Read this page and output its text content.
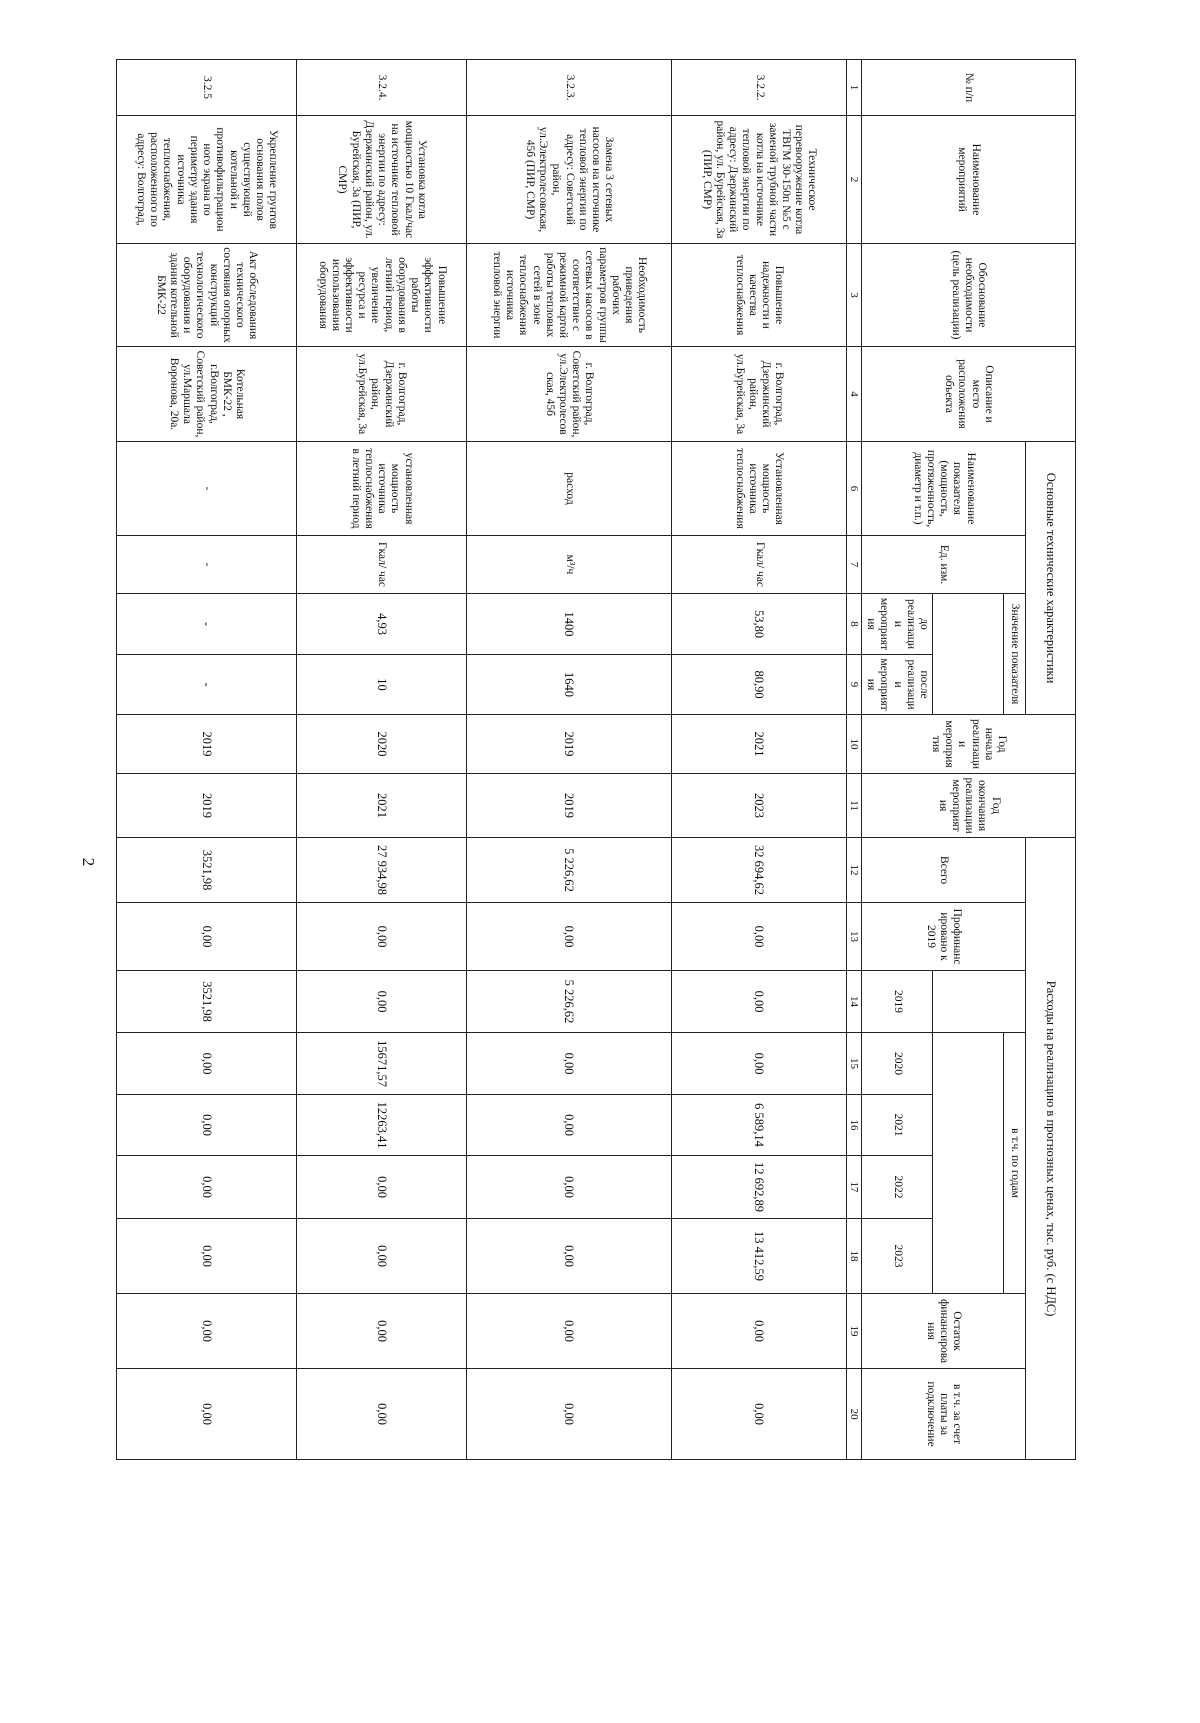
2
№ п/п	Наименование мероприятий	Обоснование необходимости (цель реализации)	Описание и место расположения объекта	Основные технические характеристики				Год начала реализации мероприятия	Год окончания реализации мероприятия	Расходы на реализацию в прогнозных ценах, тыс. руб. (с НДС)								
				Наименование показателя (мощность, протяженность, диаметр и т.п.)	Ед. изм.	Значение показателя				Всего	Профинансировано к 2019		в т.ч. по годам				Остаток финансирования	в т.ч. за счет платы за подключение

						до реализации мероприятия	после реализации мероприятия					2019	2020	2021	2022	2023		
1	2	3	4	6	7	8	9	10	11	12	13	14	15	16	17	18	19	20
3.2.2.	Техническое перевооружение котла ТВГМ 30-150п №5 с заменой трубной части котла на источнике тепловой энергии по адресу: Дзержинский район, ул. Бурейская, 3а (ПИР, СМР)	Повышение надежности и качества теплоснабжения	г. Волгоград, Дзержинский район, ул.Бурейская, 3а	Установленная мощность источника теплоснабжения	Гкал/ час	53,80	80,90	2021	2023	32 694,62	0,00	0,00	0,00	6 589,14	12 692,89	13 412,59	0,00	0,00
3.2.3.	Замена 3 сетевых насосов на источнике тепловой энергии по адресу: Советский район, ул.Электролесовская, 45б (ПИР, СМР)	Необходимость приведения рабочих параметров группы сетевых насосов в соответствие с режимной картой работы тепловых сетей в зоне теплоснабжения источника тепловой энергии	г. Волгоград, Советский район, ул.Электролесов ская, 45б	расход	м³/ч	1400	1640	2019	2019	5 226,62	0,00	5 226,62	0,00	0,00	0,00	0,00	0,00	0,00
3.2.4.	Установка котла мощностью 10 Гкал/час на источнике тепловой энергии по адресу: Дзержинский район, ул. Бурейская, 3а (ПИР, СМР)	Повышение эффективности работы оборудования в летний период, увеличение ресурса и эффективности использования оборудования	г. Волгоград, Дзержинский район, ул.Бурейская, 3а	установленная мощность источника теплоснабжения в летний период	Гкал/ час	4,93	10	2020	2021	27 934,98	0,00	0,00	15671,57	12263,41	0,00	0,00	0,00	0,00
3.2.5	Укрепление грунтов основания полов существующей котельной и противофильтрацион ного экрана по периметру здания источника теплоснабжения, расположенного по адресу: Волгоград,	Акт обследования технического состояния опорных конструкций технологического оборудования и здания котельной БМК-22	Котельная БМК-22 , г.Волгоград, Советский район, ул.Маршала Воронова, 20а.	-	-	-	-	2019	2019	3521,98	0,00	3521,98	0,00	0,00	0,00	0,00	0,00	0,00
